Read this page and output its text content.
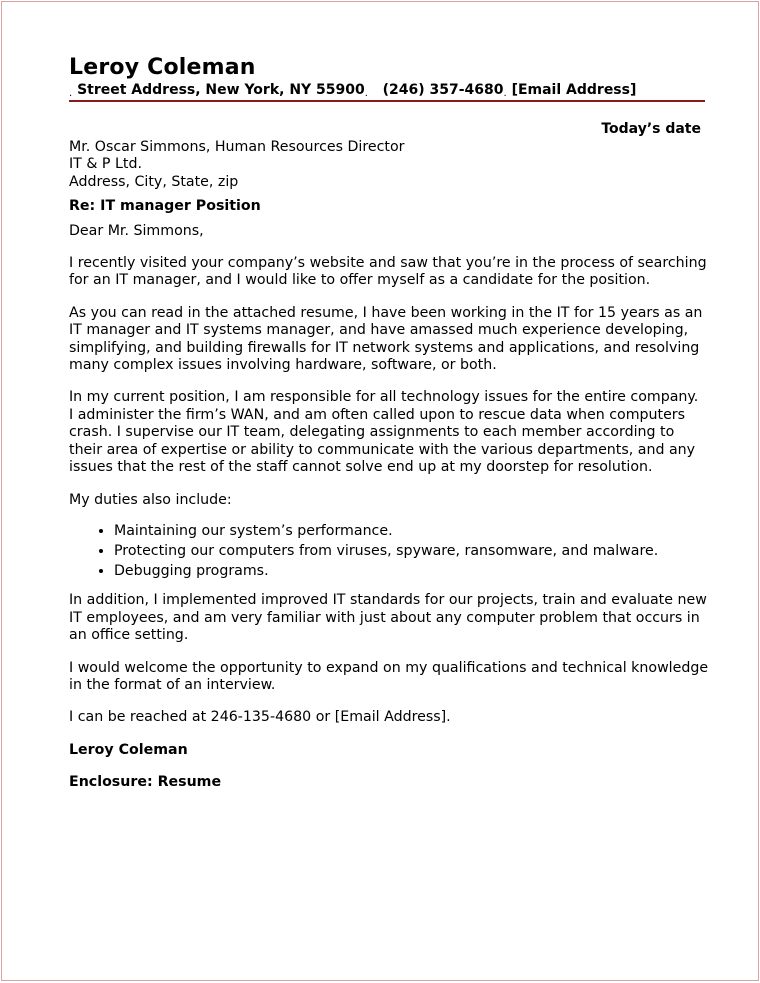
Leroy Coleman
. Street Address, New York, NY 55900. (246) 357-4680. [Email Address]
Today’s date

Mr. Oscar Simmons, Human Resources Director

IT & P Ltd.

Address, City, State, zip

Re: IT manager Position

Dear Mr. Simmons,

I recently visited your company’s website and saw that you’re in the process of searching for an IT manager, and I would like to offer myself as a candidate for the position.

As you can read in the attached resume, I have been working in the IT for 15 years as an IT manager and IT systems manager, and have amassed much experience developing, simplifying, and building firewalls for IT network systems and applications, and resolving many complex issues involving hardware, software, or both.

In my current position, I am responsible for all technology issues for the entire company.

I administer the firm’s WAN, and am often called upon to rescue data when computers crash. I supervise our IT team, delegating assignments to each member according to their area of expertise or ability to communicate with the various departments, and any issues that the rest of the staff cannot solve end up at my doorstep for resolution.

My duties also include:

• Maintaining our system’s performance.
• Protecting our computers from viruses, spyware, ransomware, and malware.
• Debugging programs.

In addition, I implemented improved IT standards for our projects, train and evaluate new IT employees, and am very familiar with just about any computer problem that occurs in an office setting.

I would welcome the opportunity to expand on my qualifications and technical knowledge in the format of an interview.

I can be reached at 246-135-4680 or [Email Address].

Leroy Coleman

Enclosure: Resume
